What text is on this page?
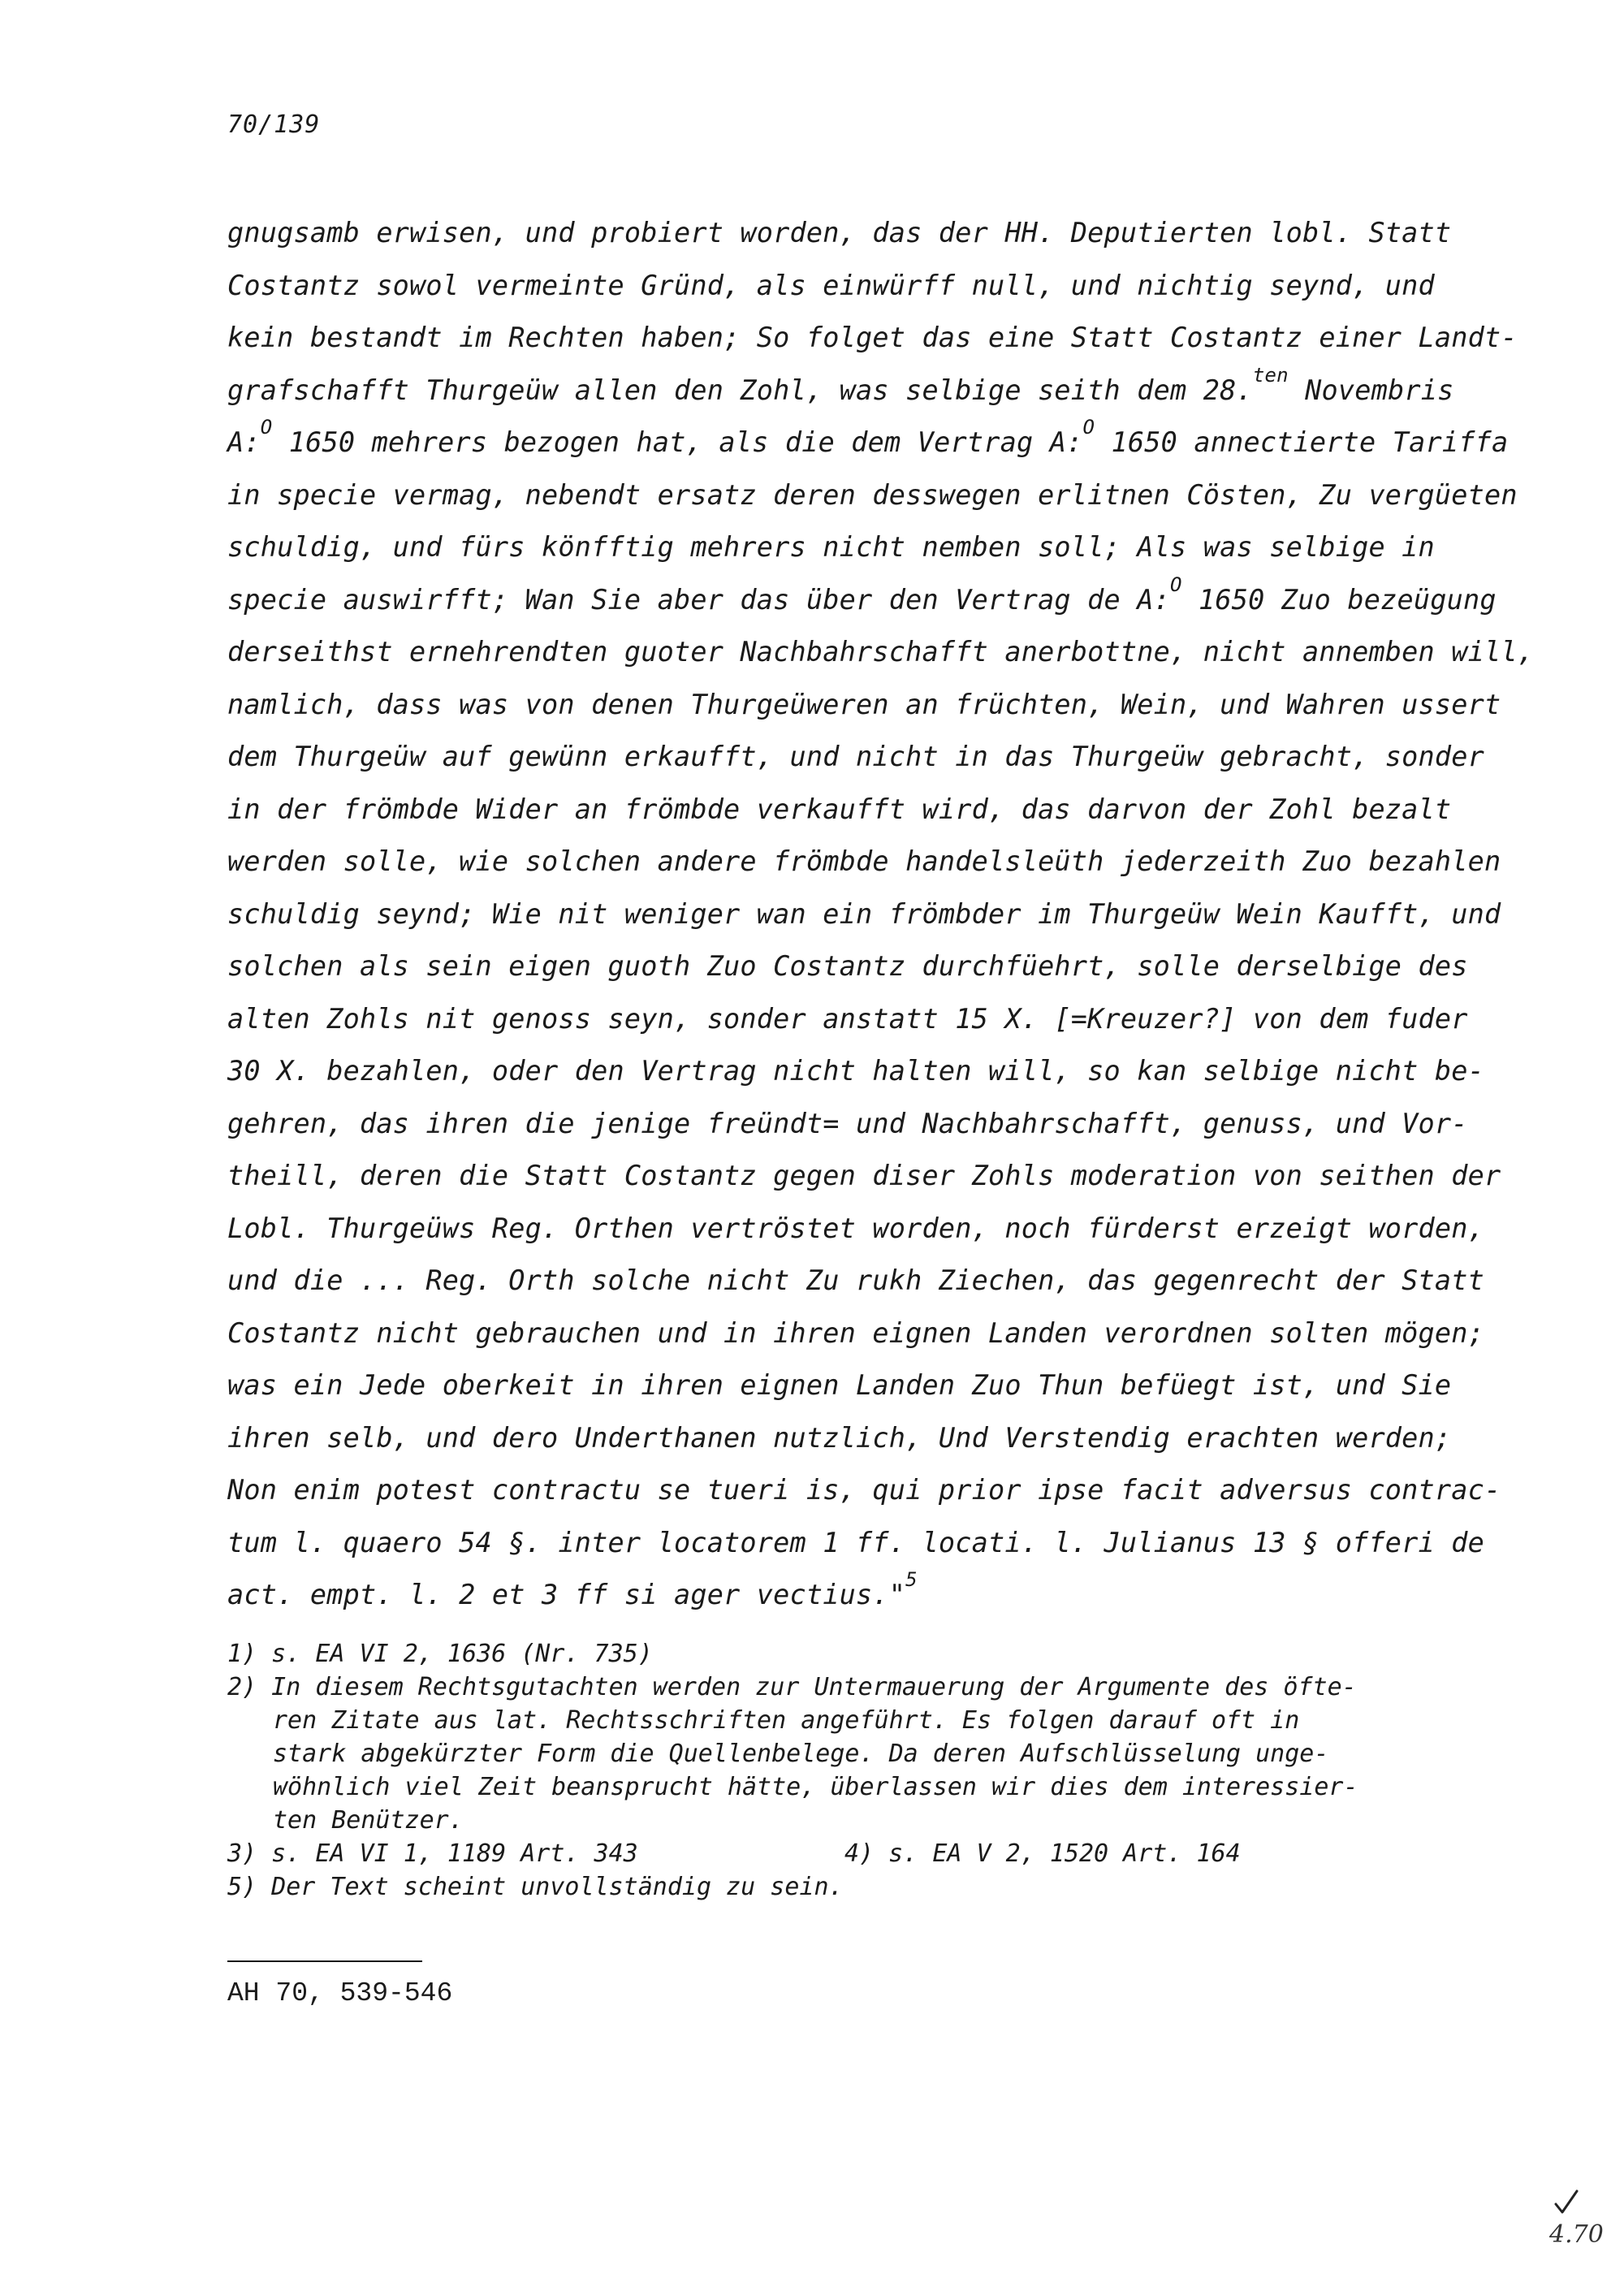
70/139
gnugsamb erwisen, und probiert worden, das der HH. Deputierten lobl. Statt
Costantz sowol vermeinte Gründ, als einwürff null, und nichtig seynd, und
kein bestandt im Rechten haben; So folget das eine Statt Costantz einer Landt-
grafschafft Thurgeüw allen den Zohl, was selbige seith dem 28.$^{ten}$ Novembris
A:$^O$ 1650 mehrers bezogen hat, als die dem Vertrag A:$^O$ 1650 annectierte Tariffa
in specie vermag, nebendt ersatz deren desswegen erlitnen Cösten, Zu vergüeten
schuldig, und fürs könfftig mehrers nicht nemben soll; Als was selbige in
specie auswirfft; Wan Sie aber das über den Vertrag de A:$^O$ 1650 Zuo bezeügung
derseithst ernehrendten guoter Nachbahrschafft anerbottne, nicht annemben will,
namlich, dass was von denen Thurgeüweren an früchten, Wein, und Wahren ussert
dem Thurgeüw auf gewünn erkaufft, und nicht in das Thurgeüw gebracht, sonder
in der frömbde Wider an frömbde verkaufft wird, das darvon der Zohl bezalt
werden solle, wie solchen andere frömbde handelsleüth jederzeith Zuo bezahlen
schuldig seynd; Wie nit weniger wan ein frömbder im Thurgeüw Wein Kaufft, und
solchen als sein eigen guoth Zuo Costantz durchfüehrt, solle derselbige des
alten Zohls nit genoss seyn, sonder anstatt 15 X. [=Kreuzer?] von dem fuder
30 X. bezahlen, oder den Vertrag nicht halten will, so kan selbige nicht be-
gehren, das ihren die jenige freündt= und Nachbahrschafft, genuss, und Vor-
theill, deren die Statt Costantz gegen diser Zohls moderation von seithen der
Lobl. Thurgeüws Reg. Orthen vertröstet worden, noch fürderst erzeigt worden,
und die ... Reg. Orth solche nicht Zu rukh Ziechen, das gegenrecht der Statt
Costantz nicht gebrauchen und in ihren eignen Landen verordnen solten mögen;
was ein Jede oberkeit in ihren eignen Landen Zuo Thun befüegt ist, und Sie
ihren selb, und dero Underthanen nutzlich, Und Verstendig erachten werden;
Non enim potest contractu se tueri is, qui prior ipse facit adversus contrac-
tum l. quaero 54 §. inter locatorem 1 ff. locati. l. Julianus 13 § offeri de
act. empt. l. 2 et 3 ff si ager vectius."$^5$
1) s. EA VI 2, 1636 (Nr. 735)
2) In diesem Rechtsgutachten werden zur Untermauerung der Argumente des öfte-
ren Zitate aus lat. Rechtsschriften angeführt. Es folgen darauf oft in
stark abgekürzter Form die Quellenbelege. Da deren Aufschlüsselung unge-
wöhnlich viel Zeit beansprucht hätte, überlassen wir dies dem interessier-
ten Benützer.
3) s. EA VI 1, 1189 Art. 343	4) s. EA V 2, 1520 Art. 164
5) Der Text scheint unvollständig zu sein.
AH 70, 539-546
4.70
